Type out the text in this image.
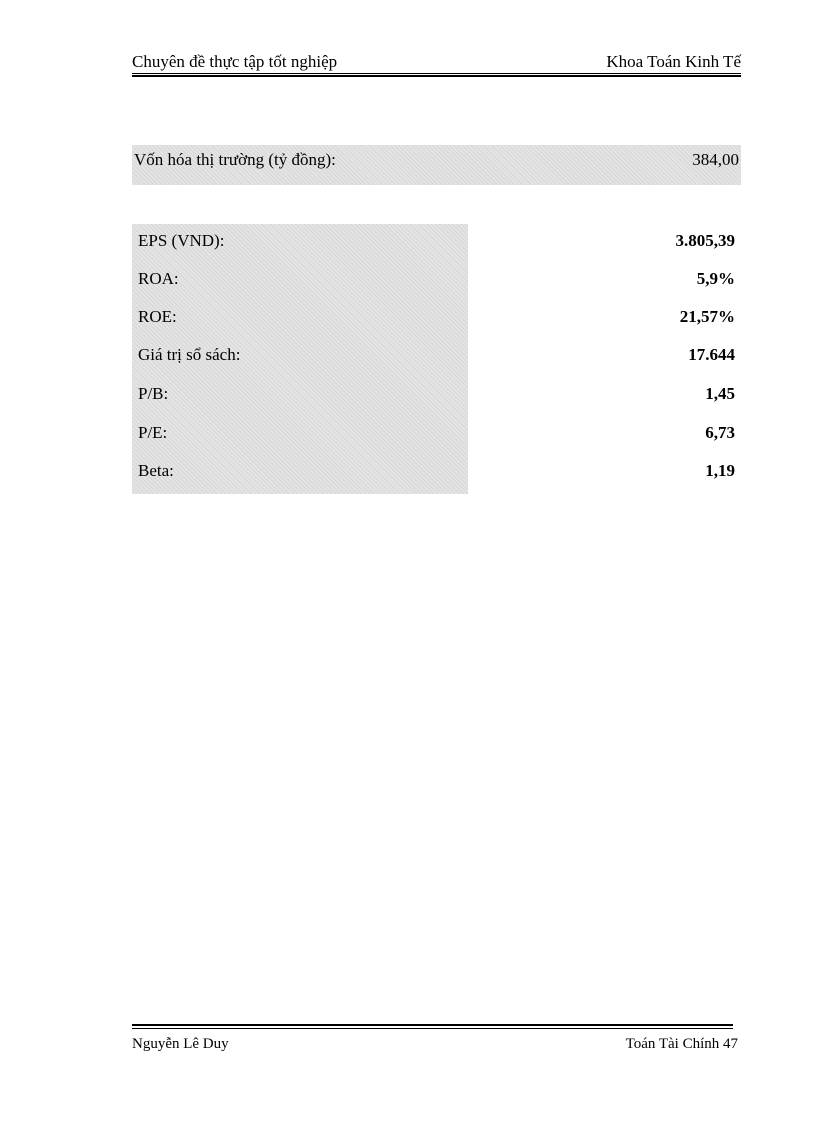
Chuyên đề thực tập tốt nghiệp	Khoa Toán Kinh Tế
Vốn hóa thị trường (tỷ đồng):	384,00
EPS (VND):	3.805,39
ROA:	5,9%
ROE:	21,57%
Giá trị sổ sách:	17.644
P/B:	1,45
P/E:	6,73
Beta:	1,19
Nguyễn Lê Duy	Toán Tài Chính 47
